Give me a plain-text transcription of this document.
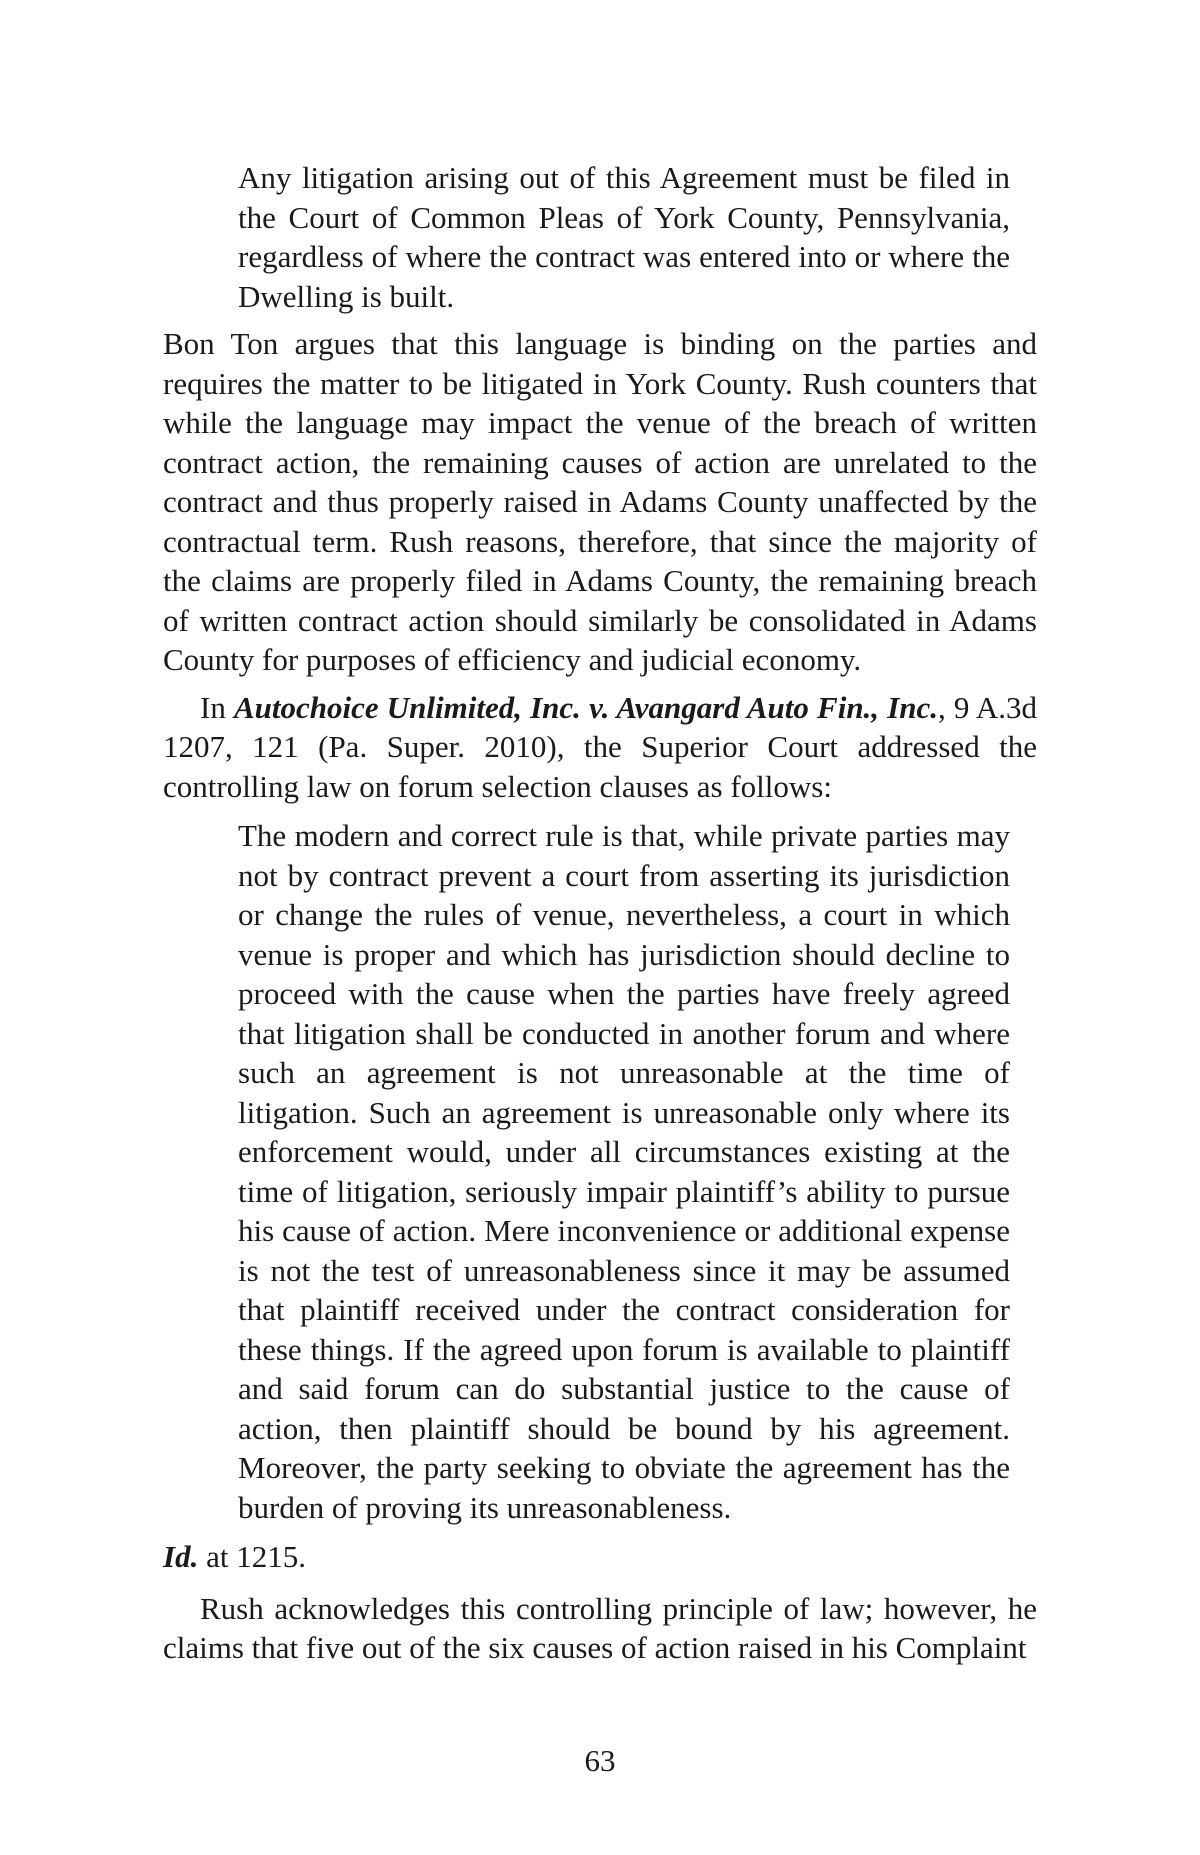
Any litigation arising out of this Agreement must be filed in the Court of Common Pleas of York County, Pennsylvania, regardless of where the contract was entered into or where the Dwelling is built.

Bon Ton argues that this language is binding on the parties and requires the matter to be litigated in York County. Rush counters that while the language may impact the venue of the breach of written contract action, the remaining causes of action are unrelated to the contract and thus properly raised in Adams County unaffected by the contractual term. Rush reasons, therefore, that since the majority of the claims are properly filed in Adams County, the remaining breach of written contract action should similarly be consolidated in Adams County for purposes of efficiency and judicial economy.

In Autochoice Unlimited, Inc. v. Avangard Auto Fin., Inc., 9 A.3d 1207, 121 (Pa. Super. 2010), the Superior Court addressed the controlling law on forum selection clauses as follows:

The modern and correct rule is that, while private parties may not by contract prevent a court from asserting its jurisdiction or change the rules of venue, nevertheless, a court in which venue is proper and which has jurisdiction should decline to proceed with the cause when the parties have freely agreed that litigation shall be conducted in another forum and where such an agreement is not unreasonable at the time of litigation. Such an agreement is unreasonable only where its enforcement would, under all circumstances existing at the time of litigation, seriously impair plaintiff’s ability to pursue his cause of action. Mere inconvenience or additional expense is not the test of unreasonableness since it may be assumed that plaintiff received under the contract consideration for these things. If the agreed upon forum is available to plaintiff and said forum can do substantial justice to the cause of action, then plaintiff should be bound by his agreement. Moreover, the party seeking to obviate the agreement has the burden of proving its unreasonableness.

Id. at 1215.

Rush acknowledges this controlling principle of law; however, he claims that five out of the six causes of action raised in his Complaint

63
